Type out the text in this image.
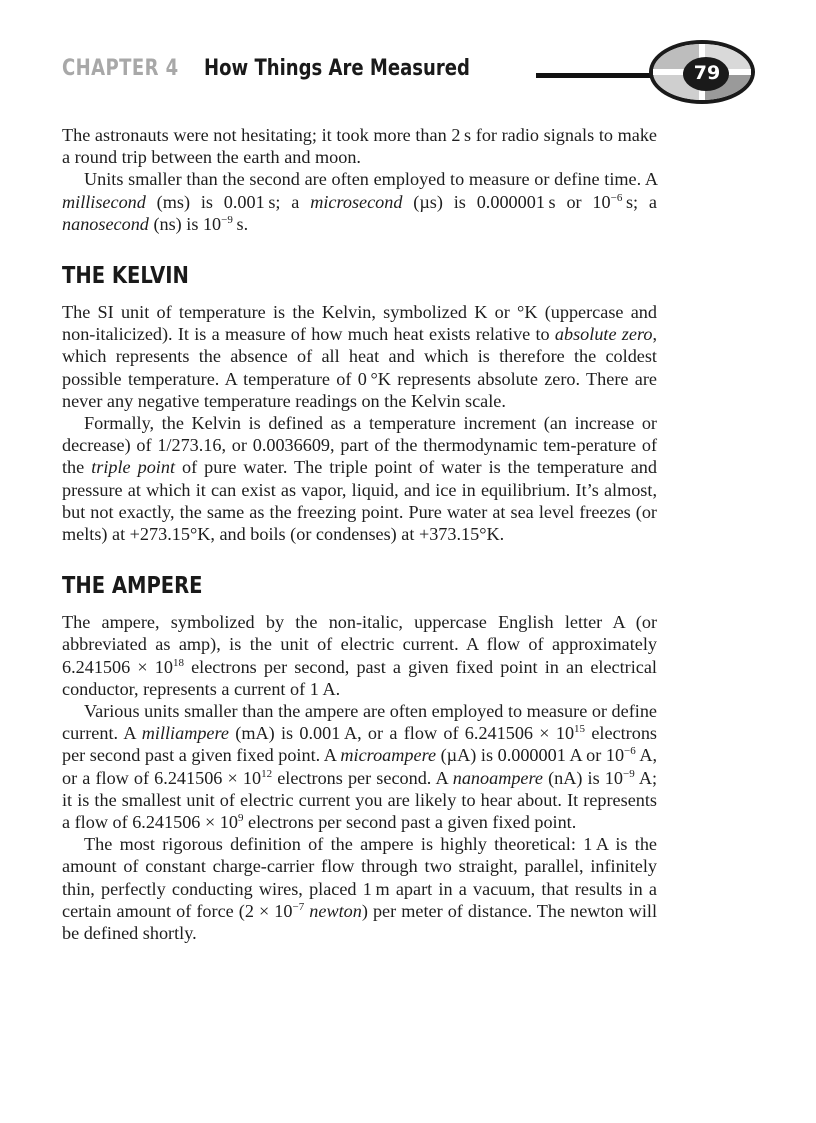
CHAPTER 4 How Things Are Measured	79

The astronauts were not hesitating; it took more than 2 s for radio signals to make a round trip between the earth and moon.

Units smaller than the second are often employed to measure or define time. A millisecond (ms) is 0.001 s; a microsecond (µs) is 0.000001 s or $10^{-6}$ s; a nanosecond (ns) is $10^{-9}$ s.

THE KELVIN

The SI unit of temperature is the Kelvin, symbolized K or °K (uppercase and non-italicized). It is a measure of how much heat exists relative to absolute zero, which represents the absence of all heat and which is therefore the coldest possible temperature. A temperature of 0 °K represents absolute zero. There are never any negative temperature readings on the Kelvin scale.

Formally, the Kelvin is defined as a temperature increment (an increase or decrease) of 1/273.16, or 0.0036609, part of the thermodynamic tem-perature of the triple point of pure water. The triple point of water is the temperature and pressure at which it can exist as vapor, liquid, and ice in equilibrium. It’s almost, but not exactly, the same as the freezing point. Pure water at sea level freezes (or melts) at +273.15°K, and boils (or condenses) at +373.15°K.

THE AMPERE

The ampere, symbolized by the non-italic, uppercase English letter A (or abbreviated as amp), is the unit of electric current. A flow of approximately $6.241506 \times 10^{18}$ electrons per second, past a given fixed point in an electrical conductor, represents a current of 1 A.

Various units smaller than the ampere are often employed to measure or define current. A milliampere (mA) is 0.001 A, or a flow of $6.241506 \times 10^{15}$ electrons per second past a given fixed point. A microampere (µA) is 0.000001 A or $10^{-6}$ A, or a flow of $6.241506 \times 10^{12}$ electrons per second. A nanoampere (nA) is $10^{-9}$ A; it is the smallest unit of electric current you are likely to hear about. It represents a flow of $6.241506 \times 10^9$ electrons per second past a given fixed point.

The most rigorous definition of the ampere is highly theoretical: 1 A is the amount of constant charge-carrier flow through two straight, parallel, infinitely thin, perfectly conducting wires, placed 1 m apart in a vacuum, that results in a certain amount of force ($2 \times 10^{-7}$ newton) per meter of distance. The newton will be defined shortly.
